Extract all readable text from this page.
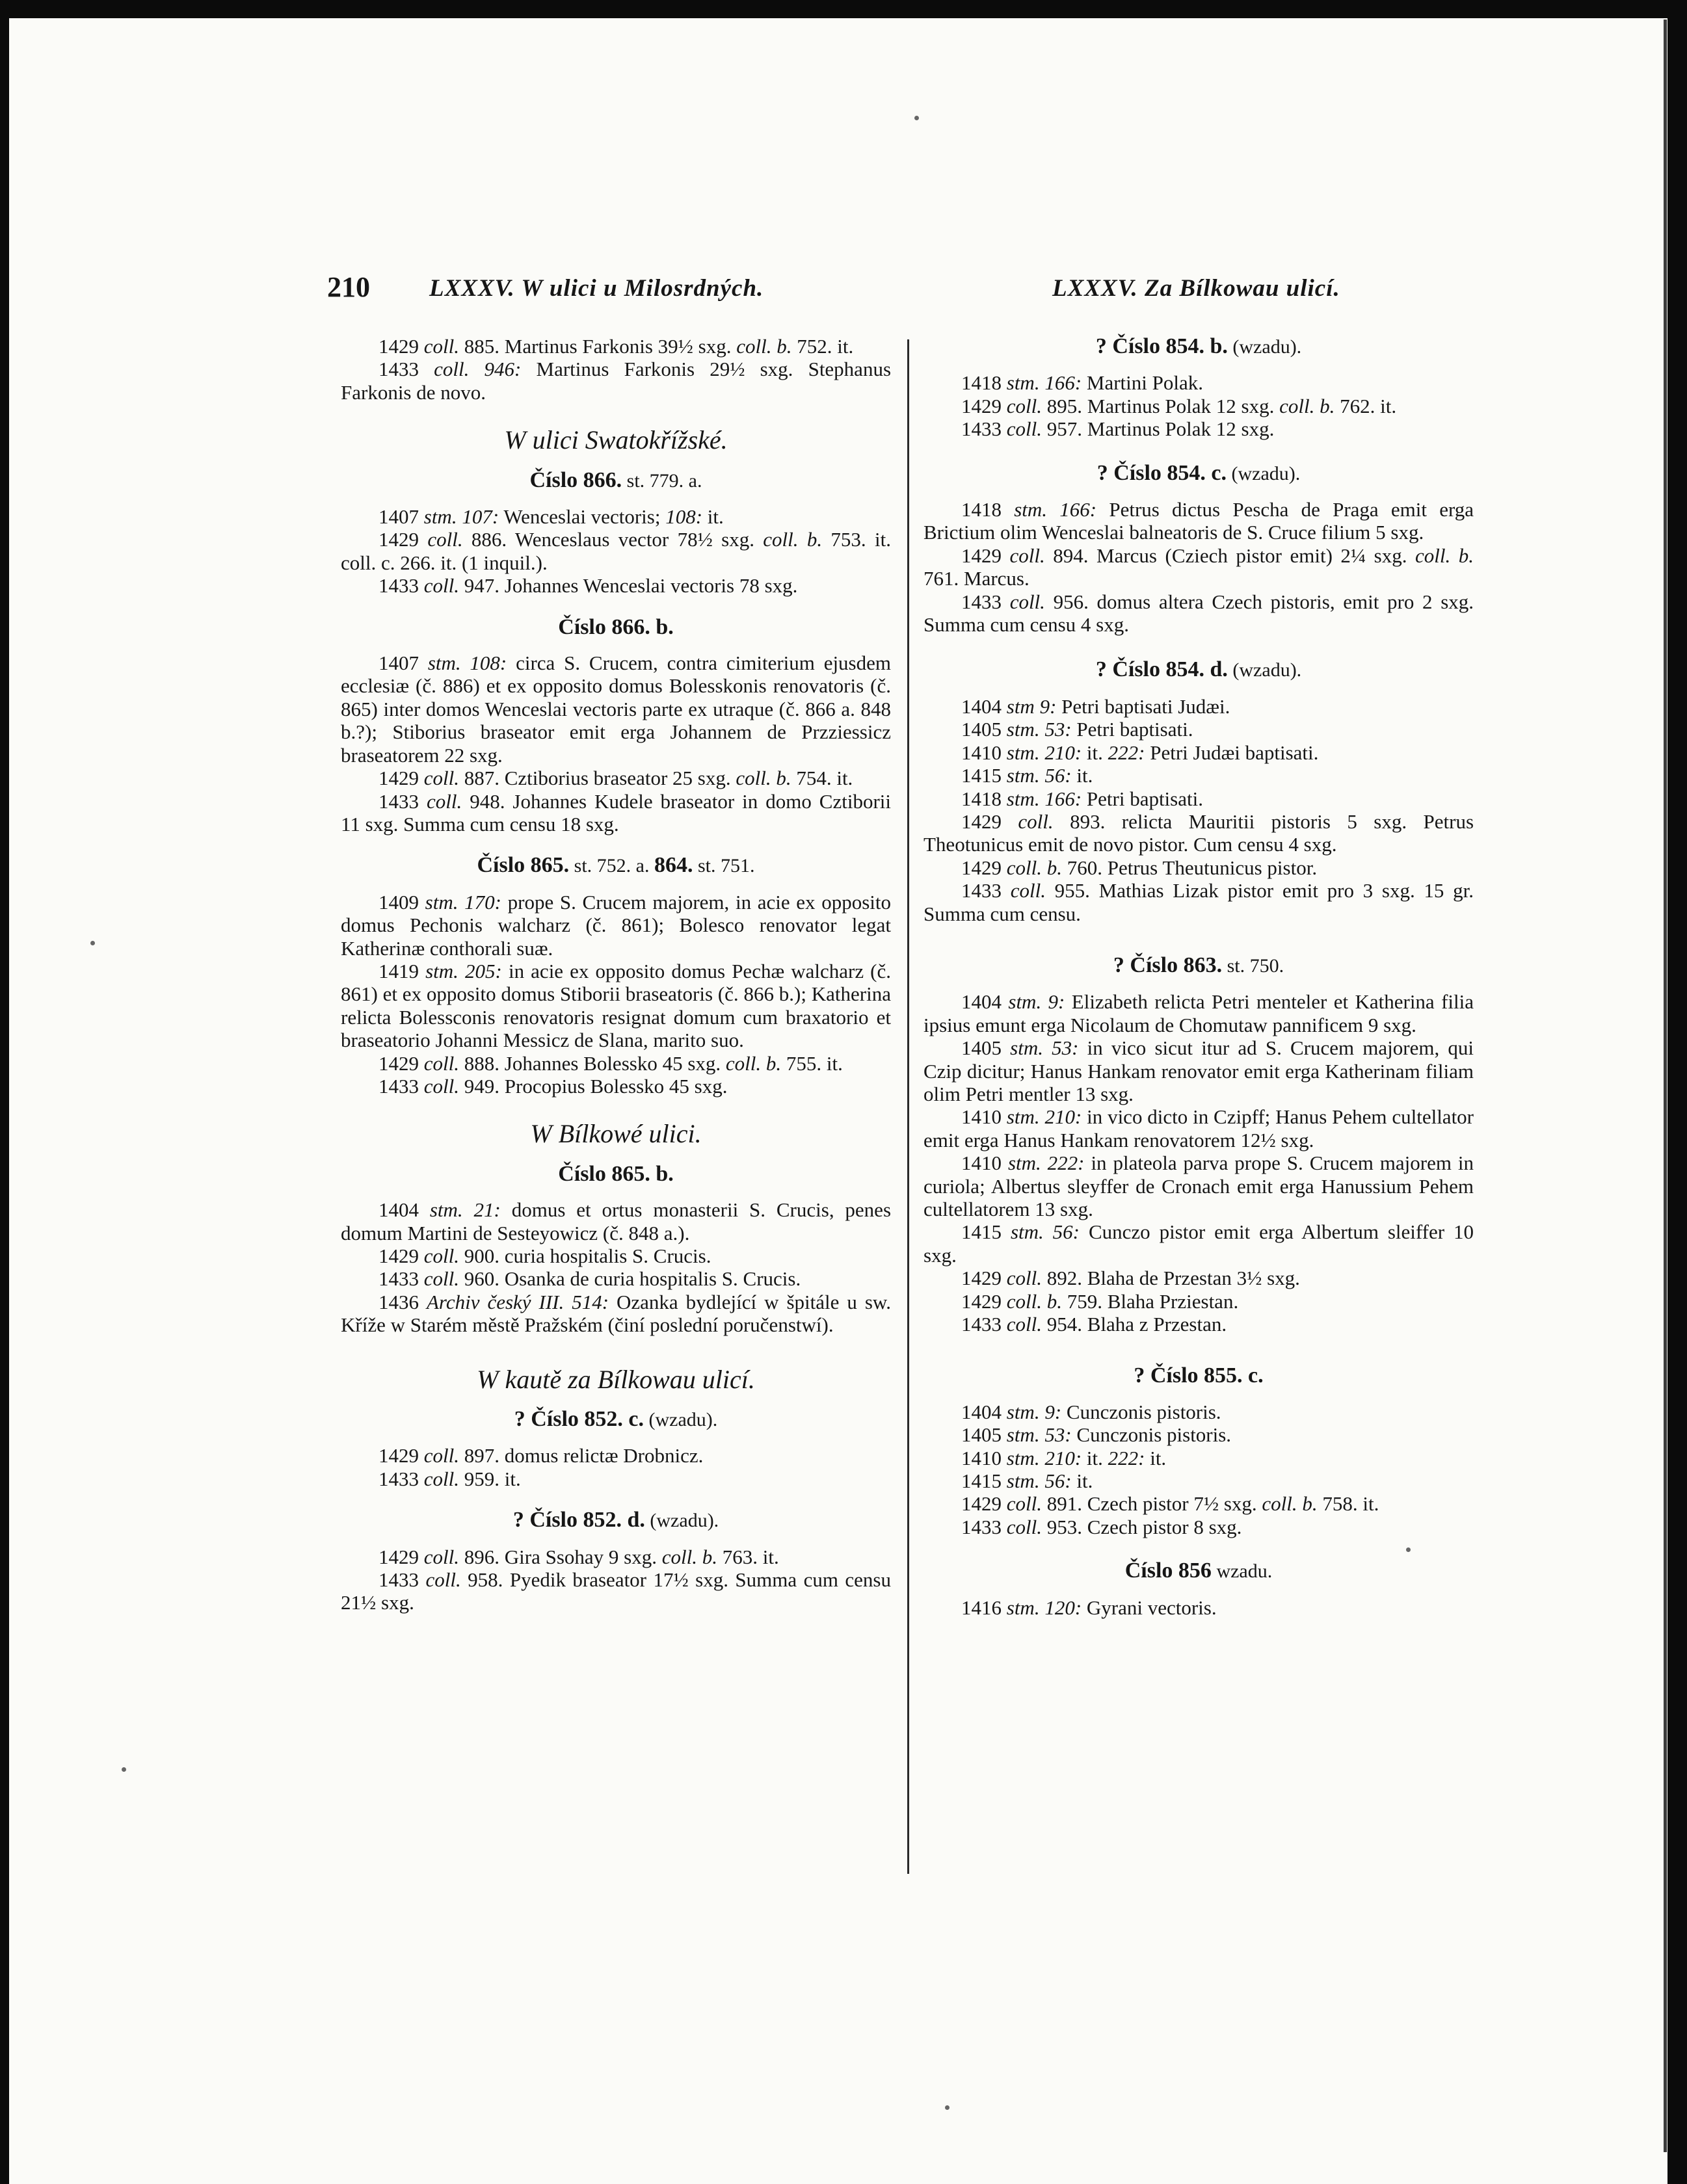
210 LXXXV. W ulici u Milosrdných.	LXXXV. Za Bílkowau ulicí.

1429 coll. 885. Martinus Farkonis 39½ sxg. coll. b. 752. it.

1433 coll. 946: Martinus Farkonis 29½ sxg. Stephanus Farkonis de novo.

W ulici Swatokřížské.

Číslo 866. st. 779. a.

1407 stm. 107: Wenceslai vectoris; 108: it.

1429 coll. 886. Wenceslaus vector 78½ sxg. coll. b. 753. it. coll. c. 266. it. (1 inquil.).

1433 coll. 947. Johannes Wenceslai vectoris 78 sxg.

Číslo 866. b.

1407 stm. 108: circa S. Crucem, contra cimiterium ejusdem ecclesiæ (č. 886) et ex opposito domus Bolesskonis renovatoris (č. 865) inter domos Wenceslai vectoris parte ex utraque (č. 866 a. 848 b.?); Stiborius braseator emit erga Johannem de Przziessicz braseatorem 22 sxg.

1429 coll. 887. Cztiborius braseator 25 sxg. coll. b. 754. it.

1433 coll. 948. Johannes Kudele braseator in domo Cztiborii 11 sxg. Summa cum censu 18 sxg.

Číslo 865. st. 752. a. 864. st. 751.

1409 stm. 170: prope S. Crucem majorem, in acie ex opposito domus Pechonis walcharz (č. 861); Bolesco renovator legat Katherinæ conthorali suæ.

1419 stm. 205: in acie ex opposito domus Pechæ walcharz (č. 861) et ex opposito domus Stiborii braseatoris (č. 866 b.); Katherina relicta Bolessconis renovatoris resignat domum cum braxatorio et braseatorio Johanni Messicz de Slana, marito suo.

1429 coll. 888. Johannes Bolessko 45 sxg. coll. b. 755. it.

1433 coll. 949. Procopius Bolessko 45 sxg.

W Bílkowé ulici.

Číslo 865. b.

1404 stm. 21: domus et ortus monasterii S. Crucis, penes domum Martini de Sesteyowicz (č. 848 a.).

1429 coll. 900. curia hospitalis S. Crucis.

1433 coll. 960. Osanka de curia hospitalis S. Crucis.

1436 Archiv český III. 514: Ozanka bydlející w špitále u sw. Kříže w Starém městě Pražském (činí poslední poručenstwí).

W kautě za Bílkowau ulicí.

? Číslo 852. c. (wzadu).

1429 coll. 897. domus relictæ Drobnicz.

1433 coll. 959. it.

? Číslo 852. d. (wzadu).

1429 coll. 896. Gira Ssohay 9 sxg. coll. b. 763. it.

1433 coll. 958. Pyedik braseator 17½ sxg. Summa cum censu 21½ sxg.

? Číslo 854. b. (wzadu).

1418 stm. 166: Martini Polak.

1429 coll. 895. Martinus Polak 12 sxg. coll. b. 762. it.

1433 coll. 957. Martinus Polak 12 sxg.

? Číslo 854. c. (wzadu).

1418 stm. 166: Petrus dictus Pescha de Praga emit erga Brictium olim Wenceslai balneatoris de S. Cruce filium 5 sxg.

1429 coll. 894. Marcus (Cziech pistor emit) 2¼ sxg. coll. b. 761. Marcus.

1433 coll. 956. domus altera Czech pistoris, emit pro 2 sxg. Summa cum censu 4 sxg.

? Číslo 854. d. (wzadu).

1404 stm 9: Petri baptisati Judæi.

1405 stm. 53: Petri baptisati.

1410 stm. 210: it. 222: Petri Judæi baptisati.

1415 stm. 56: it.

1418 stm. 166: Petri baptisati.

1429 coll. 893. relicta Mauritii pistoris 5 sxg. Petrus Theotunicus emit de novo pistor. Cum censu 4 sxg.

1429 coll. b. 760. Petrus Theutunicus pistor.

1433 coll. 955. Mathias Lizak pistor emit pro 3 sxg. 15 gr. Summa cum censu.

? Číslo 863. st. 750.

1404 stm. 9: Elizabeth relicta Petri menteler et Katherina filia ipsius emunt erga Nicolaum de Chomutaw pannificem 9 sxg.

1405 stm. 53: in vico sicut itur ad S. Crucem majorem, qui Czip dicitur; Hanus Hankam renovator emit erga Katherinam filiam olim Petri mentler 13 sxg.

1410 stm. 210: in vico dicto in Czipff; Hanus Pehem cultellator emit erga Hanus Hankam renovatorem 12½ sxg.

1410 stm. 222: in plateola parva prope S. Crucem majorem in curiola; Albertus sleyffer de Cronach emit erga Hanussium Pehem cultellatorem 13 sxg.

1415 stm. 56: Cunczo pistor emit erga Albertum sleiffer 10 sxg.

1429 coll. 892. Blaha de Przestan 3½ sxg.

1429 coll. b. 759. Blaha Prziestan.

1433 coll. 954. Blaha z Przestan.

? Číslo 855. c.

1404 stm. 9: Cunczonis pistoris.

1405 stm. 53: Cunczonis pistoris.

1410 stm. 210: it. 222: it.

1415 stm. 56: it.

1429 coll. 891. Czech pistor 7½ sxg. coll. b. 758. it.

1433 coll. 953. Czech pistor 8 sxg.

Číslo 856 wzadu.

1416 stm. 120: Gyrani vectoris.
